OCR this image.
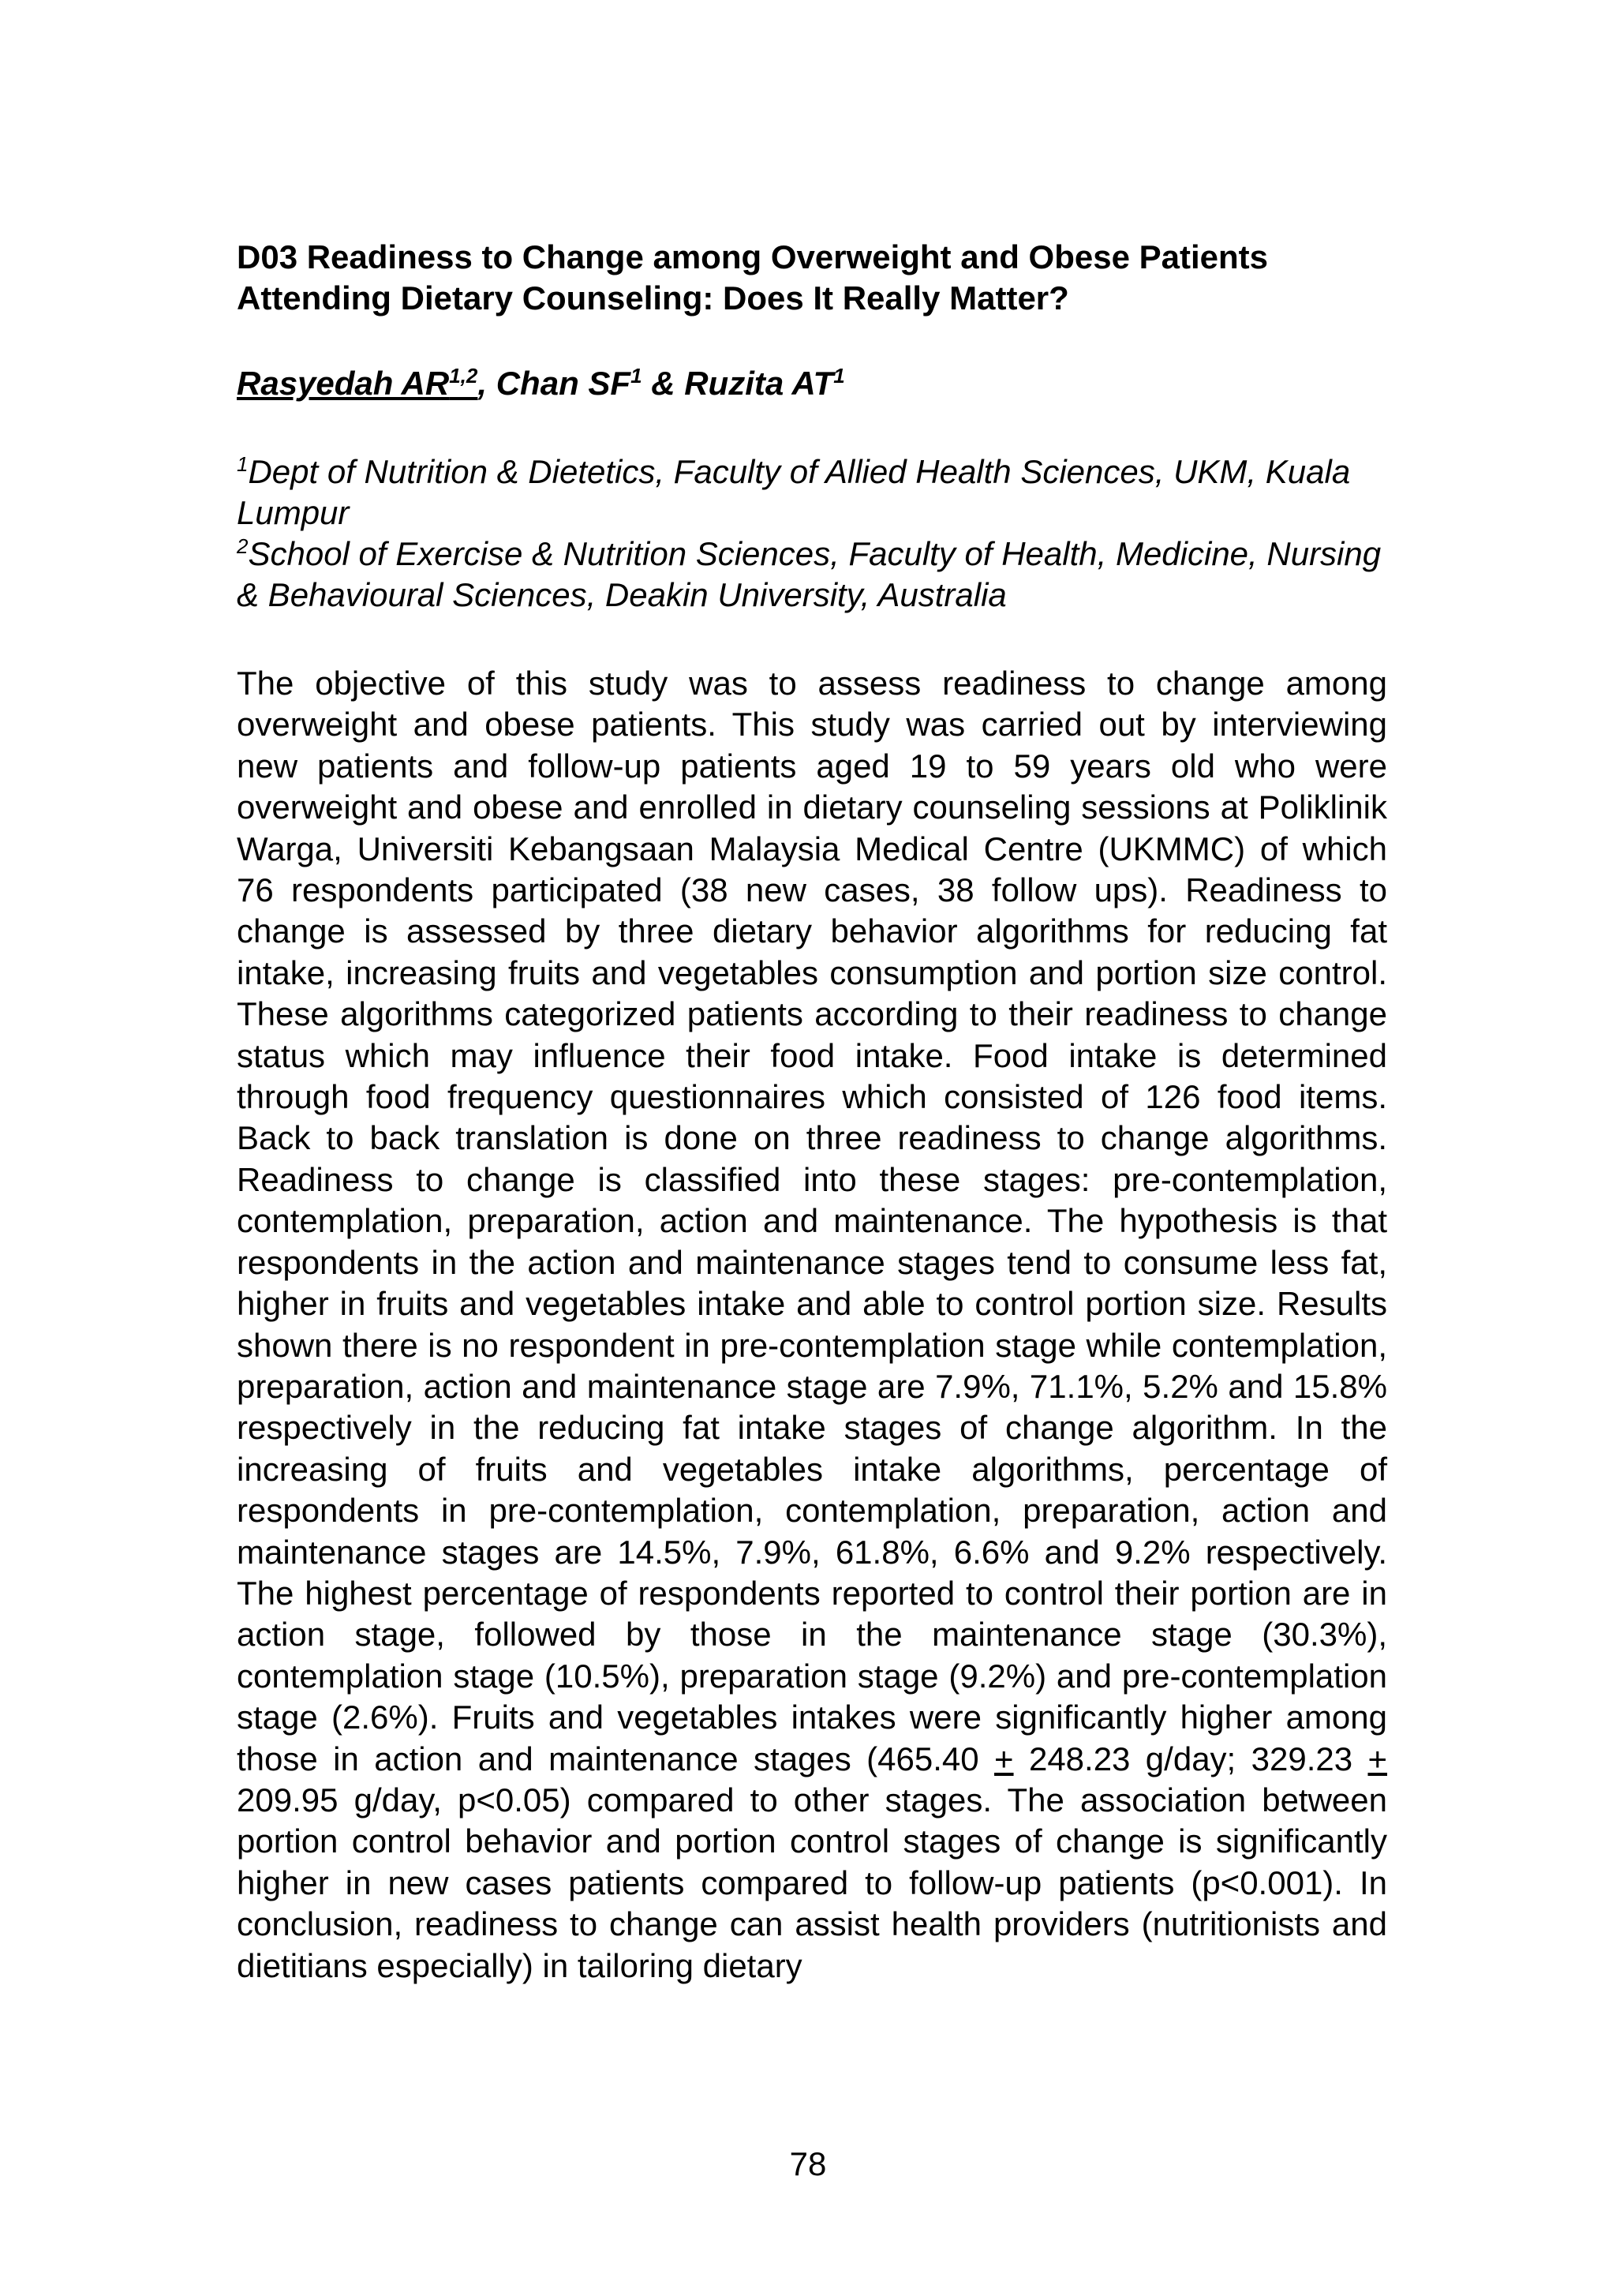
D03 Readiness to Change among Overweight and Obese Patients
Attending Dietary Counseling: Does It Really Matter?
Rasyedah AR$^{1,2}$, Chan $SF^1$ & Ruzita $AT^1$
$^1$Dept of Nutrition & Dietetics, Faculty of Allied Health Sciences, UKM, Kuala Lumpur
$^2$School of Exercise & Nutrition Sciences, Faculty of Health, Medicine, Nursing & Behavioural Sciences, Deakin University, Australia

The objective of this study was to assess readiness to change among overweight and obese patients. This study was carried out by interviewing new patients and follow-up patients aged 19 to 59 years old who were overweight and obese and enrolled in dietary counseling sessions at Poliklinik Warga, Universiti Kebangsaan Malaysia Medical Centre (UKMMC) of which 76 respondents participated (38 new cases, 38 follow ups). Readiness to change is assessed by three dietary behavior algorithms for reducing fat intake, increasing fruits and vegetables consumption and portion size control. These algorithms categorized patients according to their readiness to change status which may influence their food intake. Food intake is determined through food frequency questionnaires which consisted of 126 food items. Back to back translation is done on three readiness to change algorithms. Readiness to change is classified into these stages: pre-contemplation, contemplation, preparation, action and maintenance. The hypothesis is that respondents in the action and maintenance stages tend to consume less fat, higher in fruits and vegetables intake and able to control portion size. Results shown there is no respondent in pre-contemplation stage while contemplation, preparation, action and maintenance stage are 7.9%, 71.1%, 5.2% and 15.8% respectively in the reducing fat intake stages of change algorithm. In the increasing of fruits and vegetables intake algorithms, percentage of respondents in pre-contemplation, contemplation, preparation, action and maintenance stages are 14.5%, 7.9%, 61.8%, 6.6% and 9.2% respectively. The highest percentage of respondents reported to control their portion are in action stage, followed by those in the maintenance stage (30.3%), contemplation stage (10.5%), preparation stage (9.2%) and pre-contemplation stage (2.6%). Fruits and vegetables intakes were significantly higher among those in action and maintenance stages (465.40 + 248.23 g/day; 329.23 + 209.95 g/day, p<0.05) compared to other stages. The association between portion control behavior and portion control stages of change is significantly higher in new cases patients compared to follow-up patients (p<0.001). In conclusion, readiness to change can assist health providers (nutritionists and dietitians especially) in tailoring dietary

78
